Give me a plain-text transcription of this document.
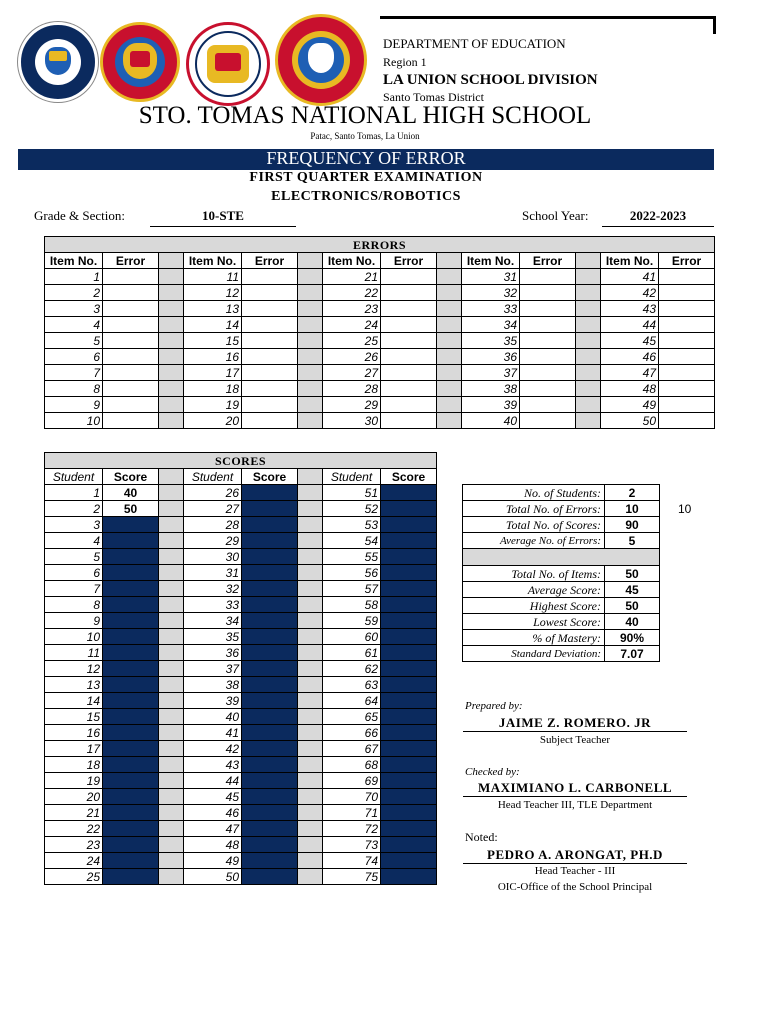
DEPARTMENT OF EDUCATION
Region 1
LA UNION SCHOOL DIVISION
Santo Tomas District
STO. TOMAS NATIONAL HIGH SCHOOL
Patac, Santo Tomas, La Union
FREQUENCY OF ERROR
FIRST QUARTER EXAMINATION
ELECTRONICS/ROBOTICS
Grade & Section:	10-STE	School Year:	2022-2023
ERRORS													
Item No.	Error		Item No.	Error		Item No.	Error		Item No.	Error		Item No.	Error
1			11			21			31			41	
2			12			22			32			42	
3			13			23			33			43	
4			14			24			34			44	
5			15			25			35			45	
6			16			26			36			46	
7			17			27			37			47	
8			18			28			38			48	
9			19			29			39			49	
10			20			30			40			50	
SCORES							
Student	Score		Student	Score		Student	Score
1	40		26			51	
2	50		27			52	
3			28			53	
4			29			54	
5			30			55	
6			31			56	
7			32			57	
8			33			58	
9			34			59	
10			35			60	
11			36			61	
12			37			62	
13			38			63	
14			39			64	
15			40			65	
16			41			66	
17			42			67	
18			43			68	
19			44			69	
20			45			70	
21			46			71	
22			47			72	
23			48			73	
24			49			74	
25			50			75	
No. of Students:	2
Total No. of Errors:	10
Total No. of Scores:	90
Average No. of Errors:	5

Total No. of Items:	50
Average Score:	45
Highest Score:	50
Lowest Score:	40
% of Mastery:	90%
Standard Deviation:	7.07
10
Prepared by:
JAIME Z. ROMERO. JR
Subject Teacher
Checked by:
MAXIMIANO L. CARBONELL
Head Teacher III, TLE Department
Noted:
PEDRO A. ARONGAT, PH.D
Head Teacher - III
OIC-Office of the School Principal
